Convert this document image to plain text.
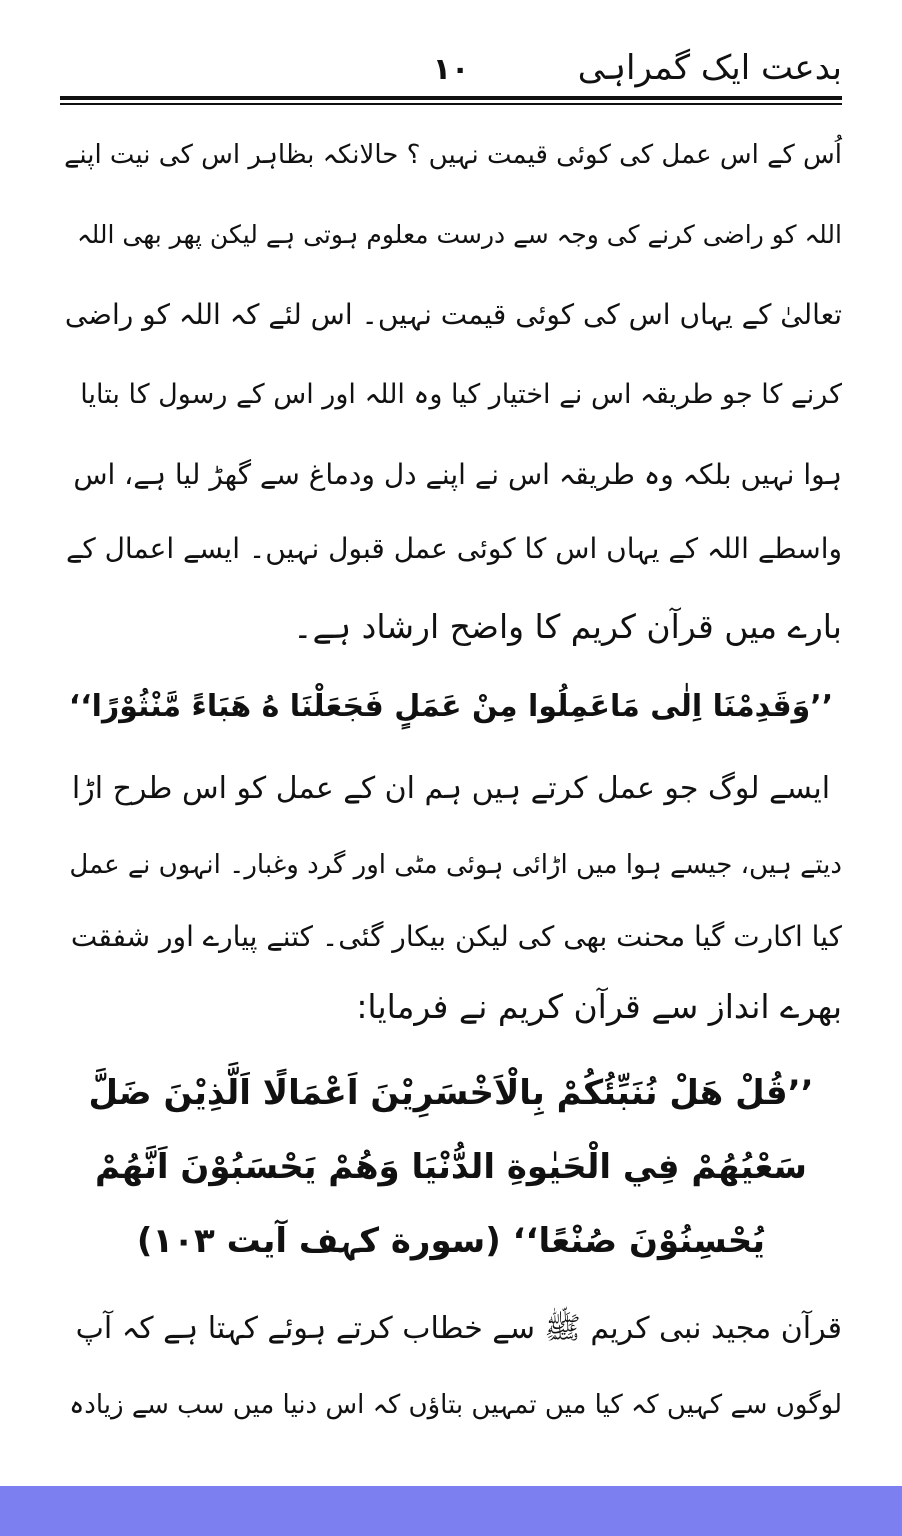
بدعت ایک گمراہی
۱۰
اُس کے اس عمل کی کوئی قیمت نہیں ؟ حالانکہ بظاہر اس کی نیت اپنے
اللہ کو راضی کرنے کی وجہ سے درست معلوم ہوتی ہے لیکن پھر بھی اللہ
تعالیٰ کے یہاں اس کی کوئی قیمت نہیں۔ اس لئے کہ اللہ کو راضی
کرنے کا جو طریقہ اس نے اختیار کیا وہ اللہ اور اس کے رسول کا بتایا
ہوا نہیں بلکہ وہ طریقہ اس نے اپنے دل ودماغ سے گھڑ لیا ہے، اس
واسطے اللہ کے یہاں اس کا کوئی عمل قبول نہیں۔ ایسے اعمال کے
بارے میں قرآن کریم کا واضح ارشاد ہے۔
’’وَقَدِمْنَا اِلٰی مَاعَمِلُوا مِنْ عَمَلٍ فَجَعَلْنَا هُ هَبَاءً مَّنْثُوْرًا‘‘
ایسے لوگ جو عمل کرتے ہیں ہم ان کے عمل کو اس طرح اڑا
دیتے ہیں، جیسے ہوا میں اڑائی ہوئی مٹی اور گرد وغبار۔ انہوں نے عمل
کیا اکارت گیا محنت بھی کی لیکن بیکار گئی۔ کتنے پیارے اور شفقت
بھرے انداز سے قرآن کریم نے فرمایا:
’’قُلْ هَلْ نُنَبِّئُكُمْ بِالْاَخْسَرِيْنَ اَعْمَالًا اَلَّذِيْنَ ضَلَّ
سَعْيُهُمْ فِي الْحَيٰوةِ الدُّنْيَا وَهُمْ يَحْسَبُوْنَ اَنَّهُمْ
يُحْسِنُوْنَ صُنْعًا‘‘ (سورة کہف آیت ۱۰۳)
قرآن مجید نبی کریم ﷺ سے خطاب کرتے ہوئے کہتا ہے کہ آپ
لوگوں سے کہیں کہ کیا میں تمہیں بتاؤں کہ اس دنیا میں سب سے زیادہ
